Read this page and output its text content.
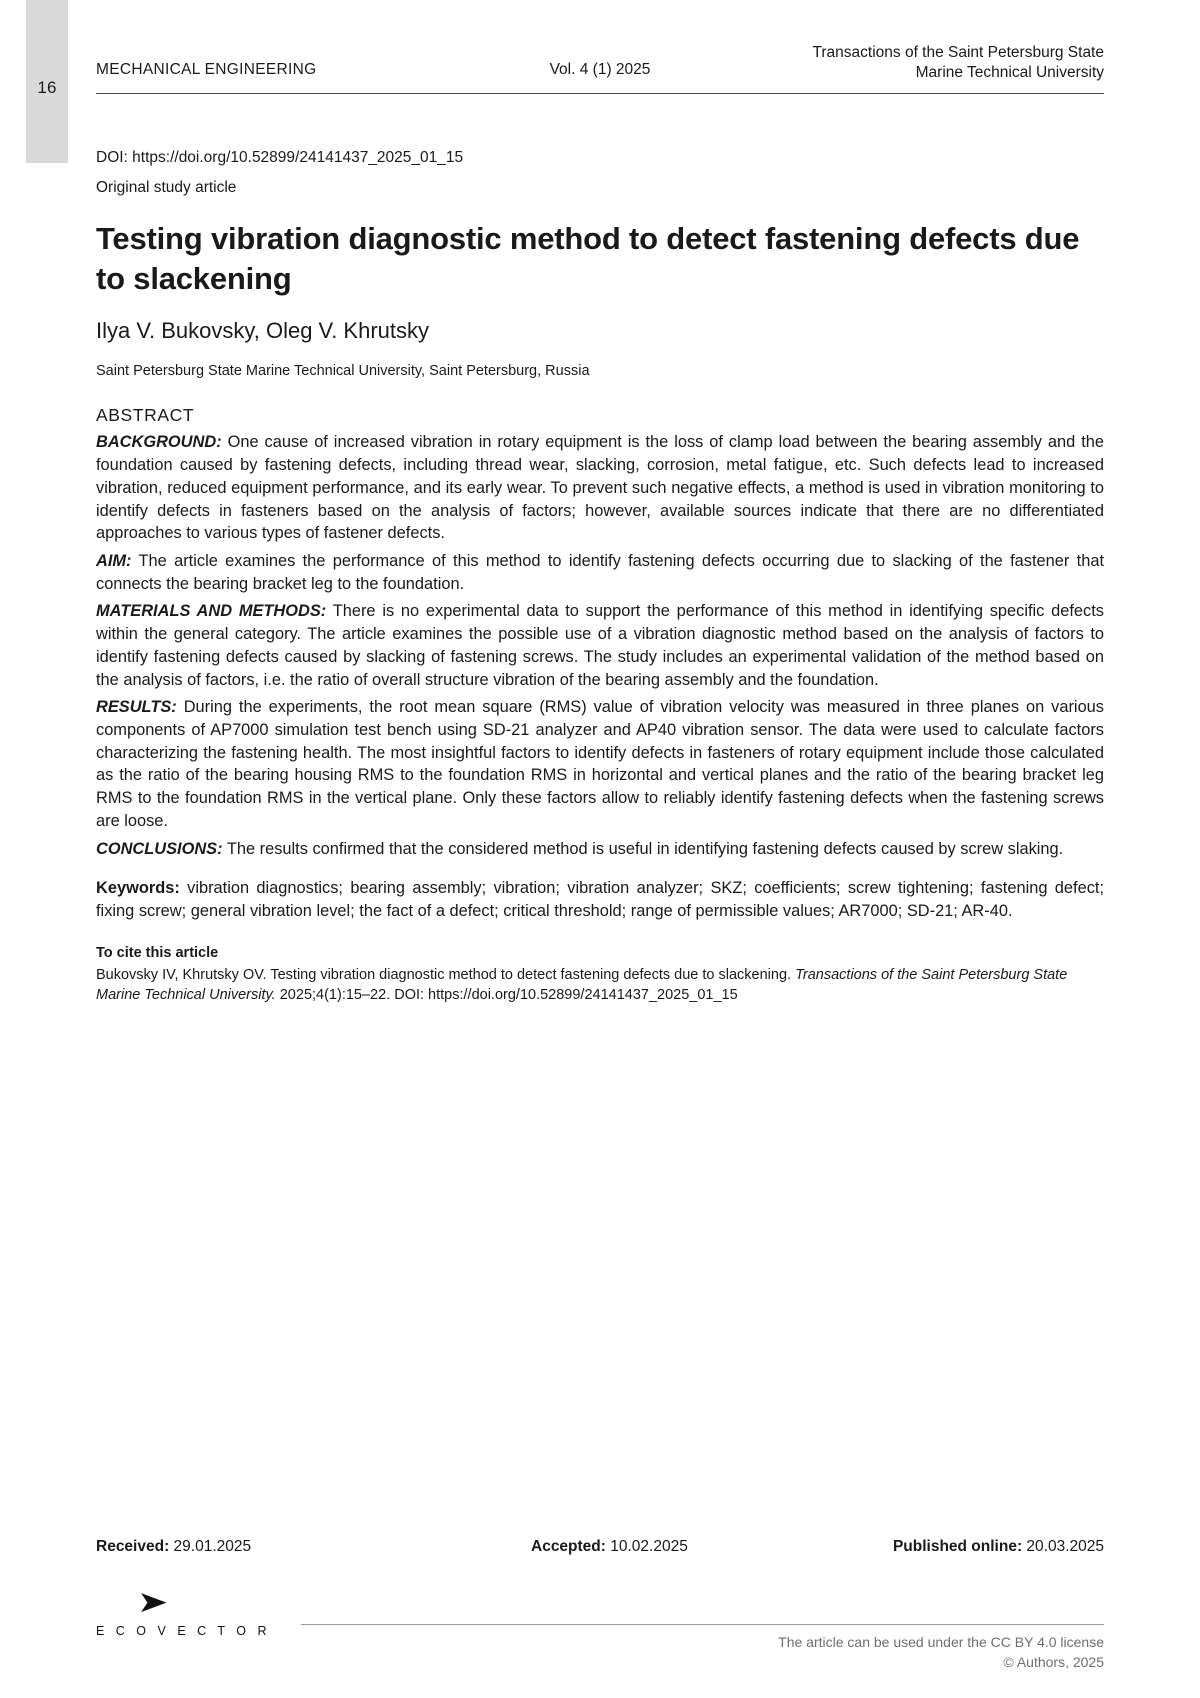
16
MECHANICAL ENGINEERING	Vol. 4 (1) 2025
Transactions of the Saint Petersburg State
Marine Technical University
DOI: https://doi.org/10.52899/24141437_2025_01_15
Original study article
Testing vibration diagnostic method to detect fastening defects due to slackening
Ilya V. Bukovsky, Oleg V. Khrutsky
Saint Petersburg State Marine Technical University, Saint Petersburg, Russia
ABSTRACT

BACKGROUND: One cause of increased vibration in rotary equipment is the loss of clamp load between the bearing assembly and the foundation caused by fastening defects, including thread wear, slacking, corrosion, metal fatigue, etc. Such defects lead to increased vibration, reduced equipment performance, and its early wear. To prevent such negative effects, a method is used in vibration monitoring to identify defects in fasteners based on the analysis of factors; however, available sources indicate that there are no differentiated approaches to various types of fastener defects.

AIM: The article examines the performance of this method to identify fastening defects occurring due to slacking of the fastener that connects the bearing bracket leg to the foundation.

MATERIALS AND METHODS: There is no experimental data to support the performance of this method in identifying specific defects within the general category. The article examines the possible use of a vibration diagnostic method based on the analysis of factors to identify fastening defects caused by slacking of fastening screws. The study includes an experimental validation of the method based on the analysis of factors, i.e. the ratio of overall structure vibration of the bearing assembly and the foundation.

RESULTS: During the experiments, the root mean square (RMS) value of vibration velocity was measured in three planes on various components of AP7000 simulation test bench using SD-21 analyzer and AP40 vibration sensor. The data were used to calculate factors characterizing the fastening health. The most insightful factors to identify defects in fasteners of rotary equipment include those calculated as the ratio of the bearing housing RMS to the foundation RMS in horizontal and vertical planes and the ratio of the bearing bracket leg RMS to the foundation RMS in the vertical plane. Only these factors allow to reliably identify fastening defects when the fastening screws are loose.

CONCLUSIONS: The results confirmed that the considered method is useful in identifying fastening defects caused by screw slaking.

Keywords: vibration diagnostics; bearing assembly; vibration; vibration analyzer; SKZ; coefficients; screw tightening; fastening defect; fixing screw; general vibration level; the fact of a defect; critical threshold; range of permissible values; AR7000; SD-21; AR-40.
To cite this article
Bukovsky IV, Khrutsky OV. Testing vibration diagnostic method to detect fastening defects due to slackening. Transactions of the Saint Petersburg State Marine Technical University. 2025;4(1):15–22. DOI: https://doi.org/10.52899/24141437_2025_01_15
Received: 29.01.2025	Accepted: 10.02.2025	Published online: 20.03.2025
➤
E C O V E C T O R
The article can be used under the CC BY 4.0 license
© Authors, 2025
